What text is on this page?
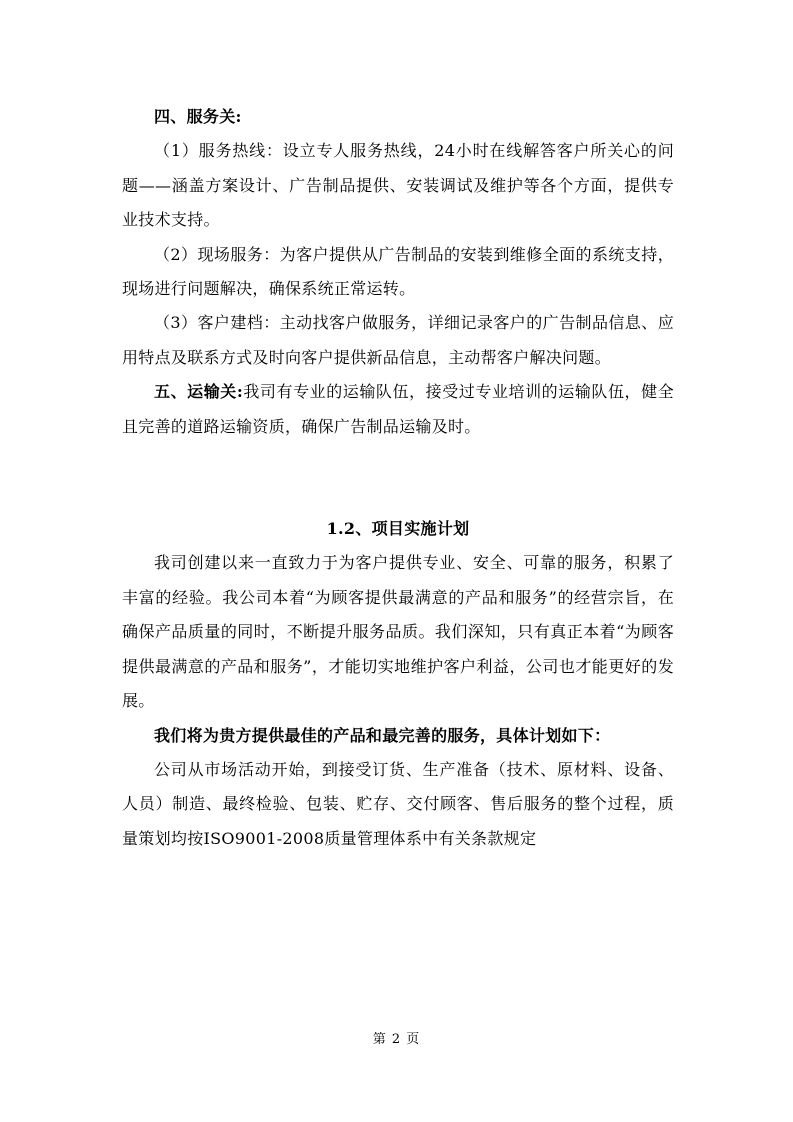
四、服务关:

（1）服务热线：设立专人服务热线，24小时在线解答客户所关心的问题——涵盖方案设计、广告制品提供、安装调试及维护等各个方面，提供专业技术支持。

（2）现场服务：为客户提供从广告制品的安装到维修全面的系统支持，现场进行问题解决，确保系统正常运转。

（3）客户建档：主动找客户做服务，详细记录客户的广告制品信息、应用特点及联系方式及时向客户提供新品信息，主动帮客户解决问题。

五、运输关:我司有专业的运输队伍，接受过专业培训的运输队伍，健全且完善的道路运输资质，确保广告制品运输及时。

1.2、项目实施计划

我司创建以来一直致力于为客户提供专业、安全、可靠的服务，积累了丰富的经验。我公司本着“为顾客提供最满意的产品和服务”的经营宗旨，在确保产品质量的同时，不断提升服务品质。我们深知，只有真正本着“为顾客提供最满意的产品和服务”，才能切实地维护客户利益，公司也才能更好的发展。

我们将为贵方提供最佳的产品和最完善的服务，具体计划如下：

公司从市场活动开始，到接受订货、生产准备（技术、原材料、设备、人员）制造、最终检验、包装、贮存、交付顾客、售后服务的整个过程，质量策划均按ISO9001-2008质量管理体系中有关条款规定

第 2 页
